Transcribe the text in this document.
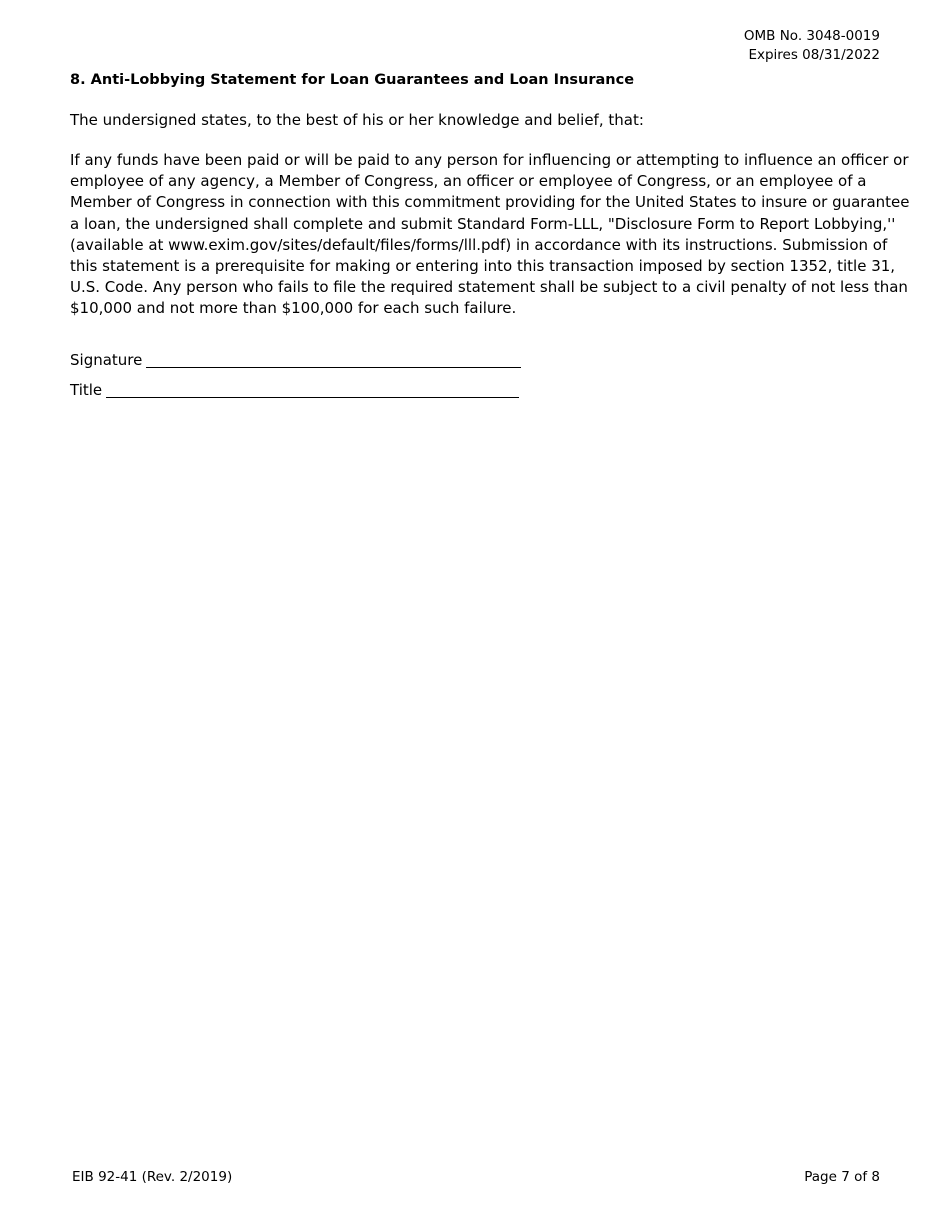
OMB No. 3048-0019
Expires 08/31/2022
8. Anti-Lobbying Statement for Loan Guarantees and Loan Insurance
The undersigned states, to the best of his or her knowledge and belief, that:
If any funds have been paid or will be paid to any person for influencing or attempting to influence an officer or
employee of any agency, a Member of Congress, an officer or employee of Congress, or an employee of a
Member of Congress in connection with this commitment providing for the United States to insure or guarantee
a loan, the undersigned shall complete and submit Standard Form-LLL, "Disclosure Form to Report Lobbying,''
(available at www.exim.gov/sites/default/files/forms/lll.pdf) in accordance with its instructions. Submission of
this statement is a prerequisite for making or entering into this transaction imposed by section 1352, title 31,
U.S. Code. Any person who fails to file the required statement shall be subject to a civil penalty of not less than
$10,000 and not more than $100,000 for each such failure.
Signature
Title
EIB 92-41 (Rev. 2/2019)	Page 7 of 8
